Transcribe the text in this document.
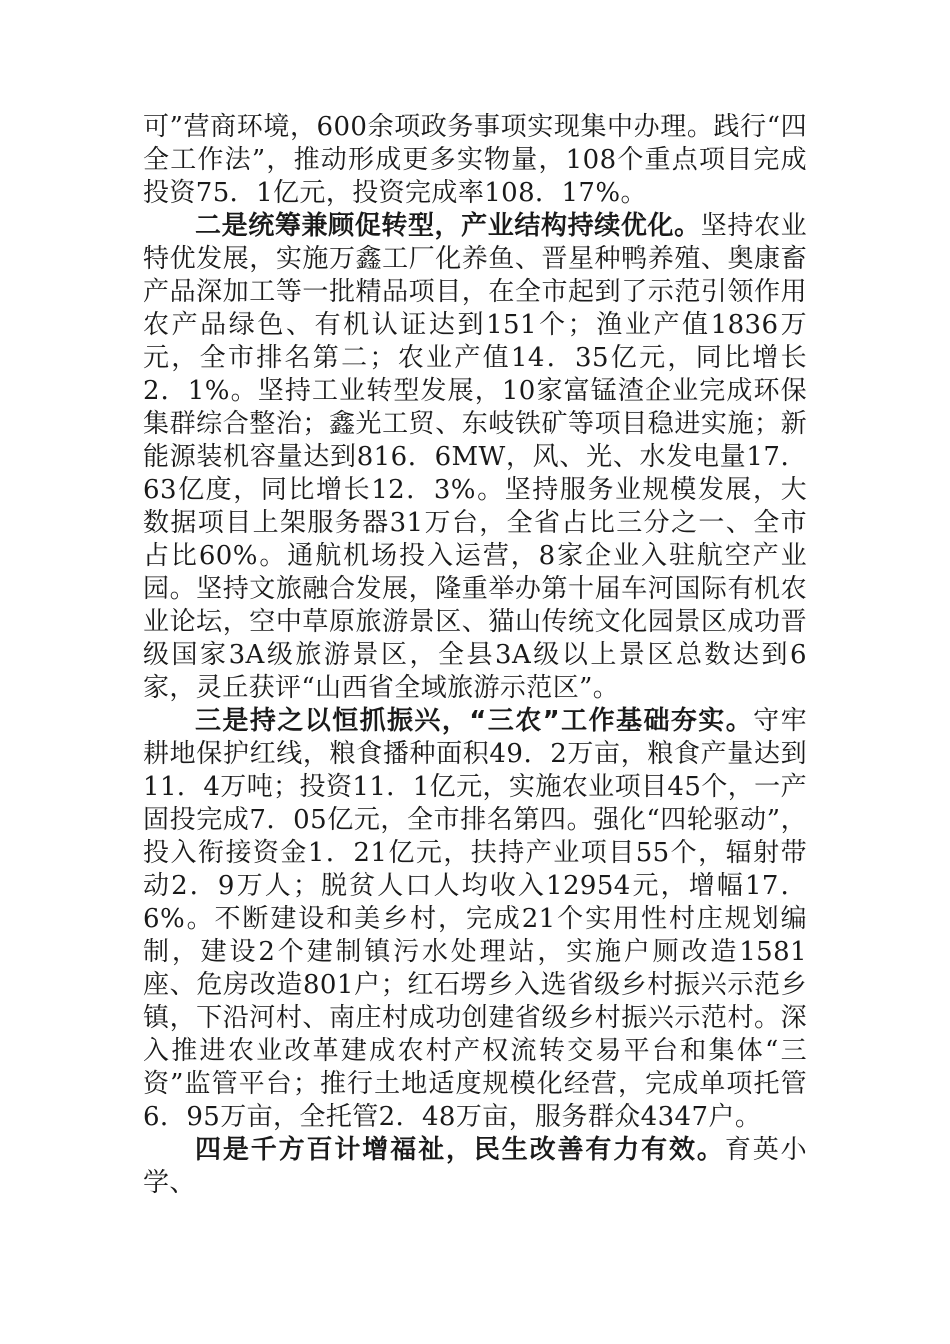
可”营商环境，600余项政务事项实现集中办理。践行“四全工作法”，推动形成更多实物量，108个重点项目完成投资75．1亿元，投资完成率108．17%。

二是统筹兼顾促转型，产业结构持续优化。坚持农业特优发展，实施万鑫工厂化养鱼、晋星种鸭养殖、奥康畜产品深加工等一批精品项目，在全市起到了示范引领作用农产品绿色、有机认证达到151个；渔业产值1836万元，全市排名第二；农业产值14．35亿元，同比增长2．1%。坚持工业转型发展，10家富锰渣企业完成环保集群综合整治；鑫光工贸、东岐铁矿等项目稳进实施；新能源装机容量达到816．6MW，风、光、水发电量17．63亿度，同比增长12．3%。坚持服务业规模发展，大数据项目上架服务器31万台，全省占比三分之一、全市占比60%。通航机场投入运营，8家企业入驻航空产业园。坚持文旅融合发展，隆重举办第十届车河国际有机农业论坛，空中草原旅游景区、猫山传统文化园景区成功晋级国家3A级旅游景区，全县3A级以上景区总数达到6家，灵丘获评“山西省全域旅游示范区”。

三是持之以恒抓振兴，“三农”工作基础夯实。守牢耕地保护红线，粮食播种面积49．2万亩，粮食产量达到11．4万吨；投资11．1亿元，实施农业项目45个，一产固投完成7．05亿元，全市排名第四。强化“四轮驱动”，投入衔接资金1．21亿元，扶持产业项目55个，辐射带动2．9万人；脱贫人口人均收入12954元，增幅17．6%。不断建设和美乡村，完成21个实用性村庄规划编制，建设2个建制镇污水处理站，实施户厕改造1581座、危房改造801户；红石塄乡入选省级乡村振兴示范乡镇，下沿河村、南庄村成功创建省级乡村振兴示范村。深入推进农业改革建成农村产权流转交易平台和集体“三资”监管平台；推行土地适度规模化经营，完成单项托管6．95万亩，全托管2．48万亩，服务群众4347户。

四是千方百计增福祉，民生改善有力有效。育英小学、
